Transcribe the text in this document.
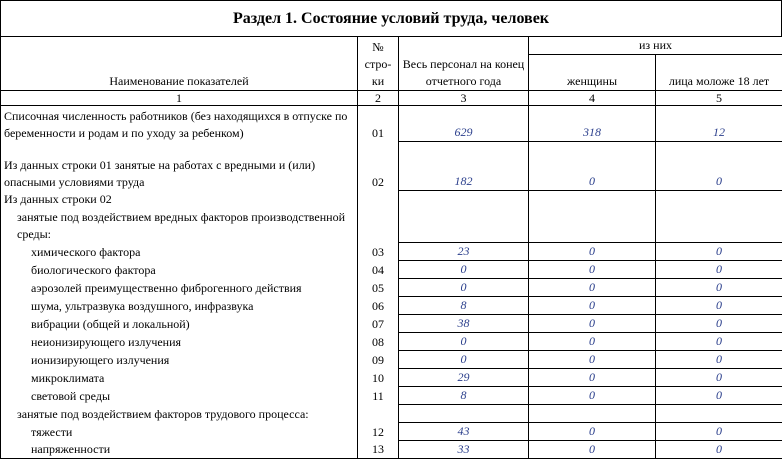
Раздел 1. Состояние условий труда, человек
Наименование показателей	№ стро-ки	Весь персонал на конец отчетного года	из них	
			женщины	лица моложе 18 лет
1	2	3	4	5
Списочная численность работников (без находящихся в отпуске по беременности и родам и по уходу за ребенком)	01	629	318	12
Из данных строки 01 занятые на работах с вредными и (или) опасными условиями труда	02	182	0	0
Из данных строки 02				
занятые под воздействием вредных факторов производственной среды:				
химического фактора	03	23	0	0
биологического фактора	04	0	0	0
аэрозолей преимущественно фиброгенного действия	05	0	0	0
шума, ультразвука воздушного, инфразвука	06	8	0	0
вибрации (общей и локальной)	07	38	0	0
неионизирующего излучения	08	0	0	0
ионизирующего излучения	09	0	0	0
микроклимата	10	29	0	0
световой среды	11	8	0	0
занятые под воздействием факторов трудового процесса:				
тяжести	12	43	0	0
напряженности	13	33	0	0
